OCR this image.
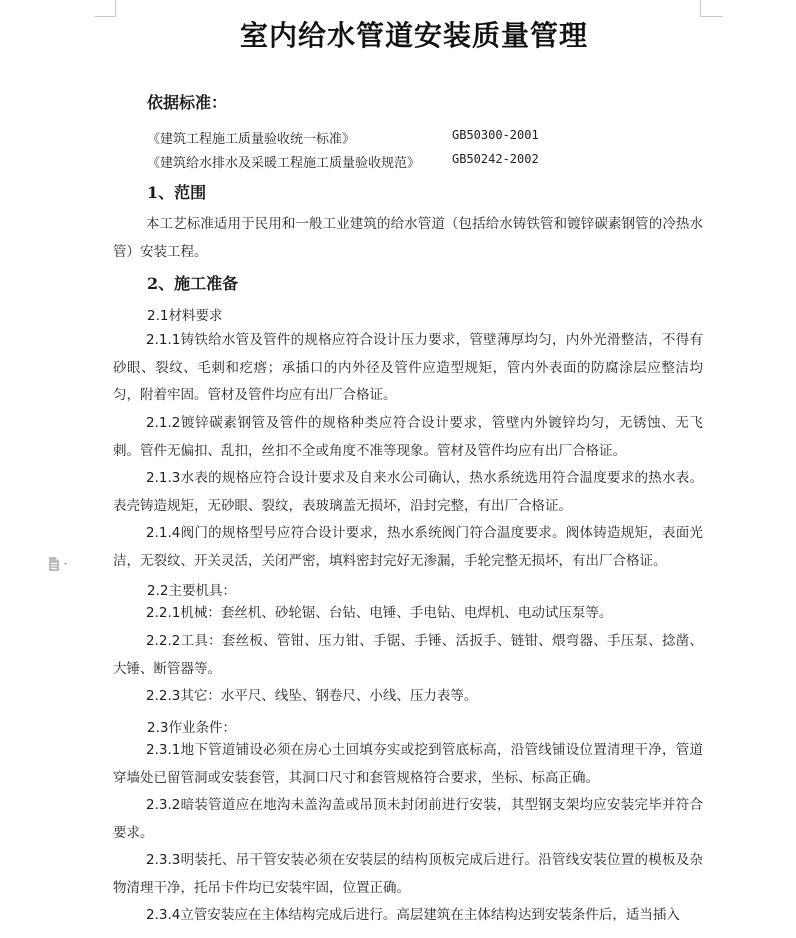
室内给水管道安装质量管理
依据标准：
《建筑工程施工质量验收统一标准》	GB50300-2001
《建筑给水排水及采暖工程施工质量验收规范》	GB50242-2002
1、范围
本工艺标准适用于民用和一般工业建筑的给水管道（包括给水铸铁管和镀锌碳素钢管的冷热水管）安装工程。
2、施工准备
2.1材料要求
2.1.1铸铁给水管及管件的规格应符合设计压力要求，管壁薄厚均匀，内外光滑整洁，不得有砂眼、裂纹、毛刺和疙瘩；承插口的内外径及管件应造型规矩，管内外表面的防腐涂层应整洁均匀，附着牢固。管材及管件均应有出厂合格证。
2.1.2镀锌碳素钢管及管件的规格种类应符合设计要求，管壁内外镀锌均匀，无锈蚀、无飞刺。管件无偏扣、乱扣，丝扣不全或角度不准等现象。管材及管件均应有出厂合格证。
2.1.3水表的规格应符合设计要求及自来水公司确认，热水系统选用符合温度要求的热水表。表壳铸造规矩，无砂眼、裂纹，表玻璃盖无损坏，沿封完整，有出厂合格证。
2.1.4阀门的规格型号应符合设计要求，热水系统阀门符合温度要求。阀体铸造规矩，表面光洁，无裂纹、开关灵活，关闭严密，填料密封完好无渗漏，手轮完整无损坏，有出厂合格证。
2.2主要机具：
2.2.1机械：套丝机、砂轮锯、台钻、电锤、手电钻、电焊机、电动试压泵等。
2.2.2工具：套丝板、管钳、压力钳、手锯、手锤、活扳手、链钳、煨弯器、手压泵、捻凿、大锤、断管器等。
2.2.3其它：水平尺、线坠、钢卷尺、小线、压力表等。
2.3作业条件：
2.3.1地下管道铺设必须在房心土回填夯实或挖到管底标高，沿管线铺设位置清理干净，管道穿墙处已留管洞或安装套管，其洞口尺寸和套管规格符合要求，坐标、标高正确。
2.3.2暗装管道应在地沟未盖沟盖或吊顶未封闭前进行安装，其型钢支架均应安装完毕并符合要求。
2.3.3明装托、吊干管安装必须在安装层的结构顶板完成后进行。沿管线安装位置的模板及杂物清理干净，托吊卡件均已安装牢固，位置正确。
2.3.4立管安装应在主体结构完成后进行。高层建筑在主体结构达到安装条件后，适当插入
